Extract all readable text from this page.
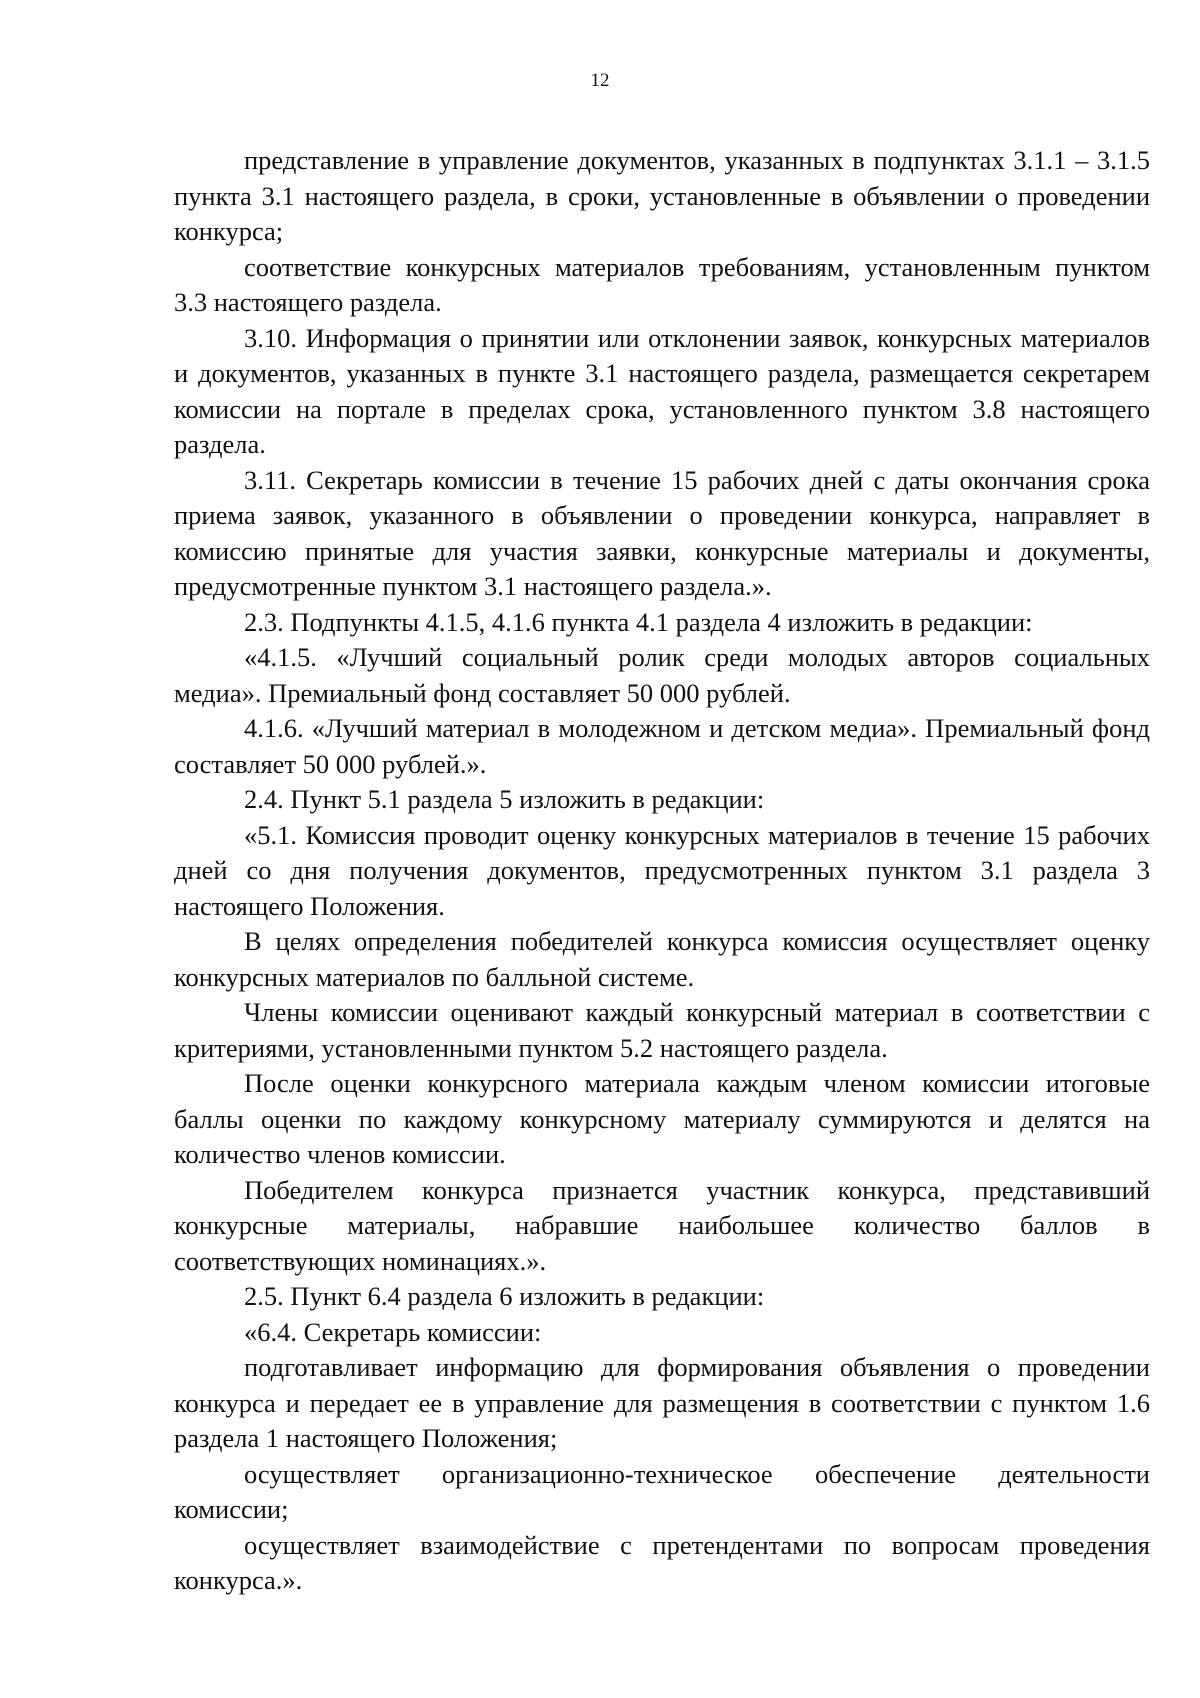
12

представление в управление документов, указанных в подпунктах 3.1.1 – 3.1.5 пункта 3.1 настоящего раздела, в сроки, установленные в объявлении о проведении конкурса;

соответствие конкурсных материалов требованиям, установленным пунктом 3.3 настоящего раздела.

3.10. Информация о принятии или отклонении заявок, конкурсных материалов и документов, указанных в пункте 3.1 настоящего раздела, размещается секретарем комиссии на портале в пределах срока, установленного пунктом 3.8 настоящего раздела.

3.11. Секретарь комиссии в течение 15 рабочих дней с даты окончания срока приема заявок, указанного в объявлении о проведении конкурса, направляет в комиссию принятые для участия заявки, конкурсные материалы и документы, предусмотренные пунктом 3.1 настоящего раздела.».

2.3. Подпункты 4.1.5, 4.1.6 пункта 4.1 раздела 4 изложить в редакции:

«4.1.5. «Лучший социальный ролик среди молодых авторов социальных медиа». Премиальный фонд составляет 50 000 рублей.

4.1.6. «Лучший материал в молодежном и детском медиа». Премиальный фонд составляет 50 000 рублей.».

2.4. Пункт 5.1 раздела 5 изложить в редакции:

«5.1. Комиссия проводит оценку конкурсных материалов в течение 15 рабочих дней со дня получения документов, предусмотренных пунктом 3.1 раздела 3 настоящего Положения.

В целях определения победителей конкурса комиссия осуществляет оценку конкурсных материалов по балльной системе.

Члены комиссии оценивают каждый конкурсный материал в соответствии с критериями, установленными пунктом 5.2 настоящего раздела.

После оценки конкурсного материала каждым членом комиссии итоговые баллы оценки по каждому конкурсному материалу суммируются и делятся на количество членов комиссии.

Победителем конкурса признается участник конкурса, представивший конкурсные материалы, набравшие наибольшее количество баллов в соответствующих номинациях.».

2.5. Пункт 6.4 раздела 6 изложить в редакции:

«6.4. Секретарь комиссии:

подготавливает информацию для формирования объявления о проведении конкурса и передает ее в управление для размещения в соответствии с пунктом 1.6 раздела 1 настоящего Положения;

осуществляет организационно-техническое обеспечение деятельности комиссии;

осуществляет взаимодействие с претендентами по вопросам проведения конкурса.».
